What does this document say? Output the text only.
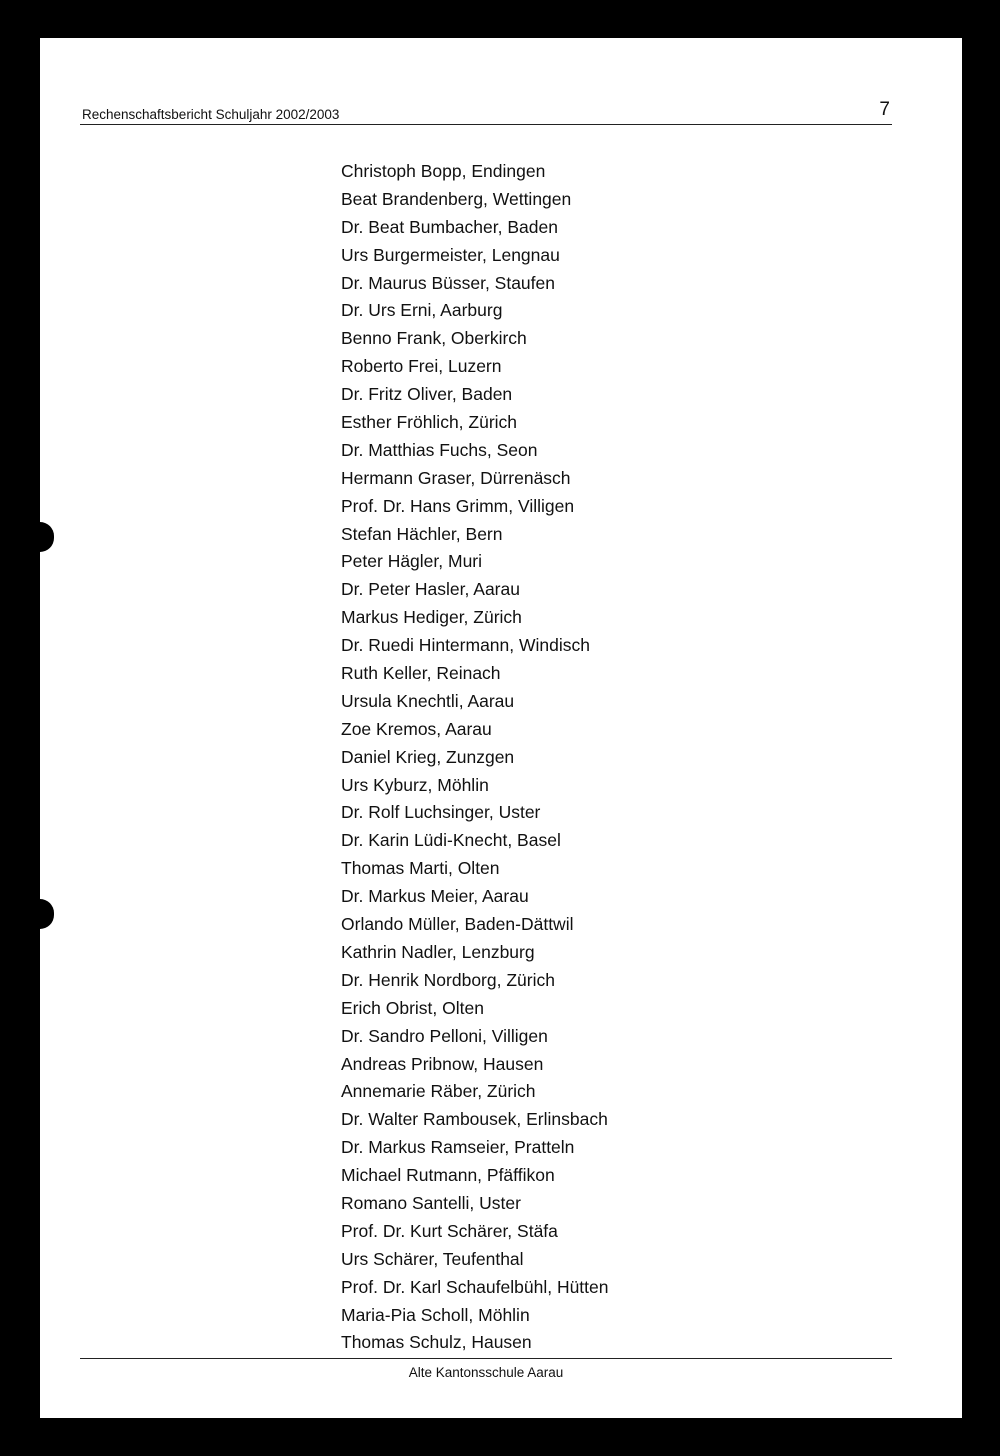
Rechenschaftsbericht Schuljahr 2002/2003	7
Christoph Bopp, Endingen
Beat Brandenberg, Wettingen
Dr. Beat Bumbacher, Baden
Urs Burgermeister, Lengnau
Dr. Maurus Büsser, Staufen
Dr. Urs Erni, Aarburg
Benno Frank, Oberkirch
Roberto Frei, Luzern
Dr. Fritz Oliver, Baden
Esther Fröhlich, Zürich
Dr. Matthias Fuchs, Seon
Hermann Graser, Dürrenäsch
Prof. Dr. Hans Grimm, Villigen
Stefan Hächler, Bern
Peter Hägler, Muri
Dr. Peter Hasler, Aarau
Markus Hediger, Zürich
Dr. Ruedi Hintermann, Windisch
Ruth Keller, Reinach
Ursula Knechtli, Aarau
Zoe Kremos, Aarau
Daniel Krieg, Zunzgen
Urs Kyburz, Möhlin
Dr. Rolf Luchsinger, Uster
Dr. Karin Lüdi-Knecht, Basel
Thomas Marti, Olten
Dr. Markus Meier, Aarau
Orlando Müller, Baden-Dättwil
Kathrin Nadler, Lenzburg
Dr. Henrik Nordborg, Zürich
Erich Obrist, Olten
Dr. Sandro Pelloni, Villigen
Andreas Pribnow, Hausen
Annemarie Räber, Zürich
Dr. Walter Rambousek, Erlinsbach
Dr. Markus Ramseier, Pratteln
Michael Rutmann, Pfäffikon
Romano Santelli, Uster
Prof. Dr. Kurt Schärer, Stäfa
Urs Schärer, Teufenthal
Prof. Dr. Karl Schaufelbühl, Hütten
Maria-Pia Scholl, Möhlin
Thomas Schulz, Hausen
Alte Kantonsschule Aarau
